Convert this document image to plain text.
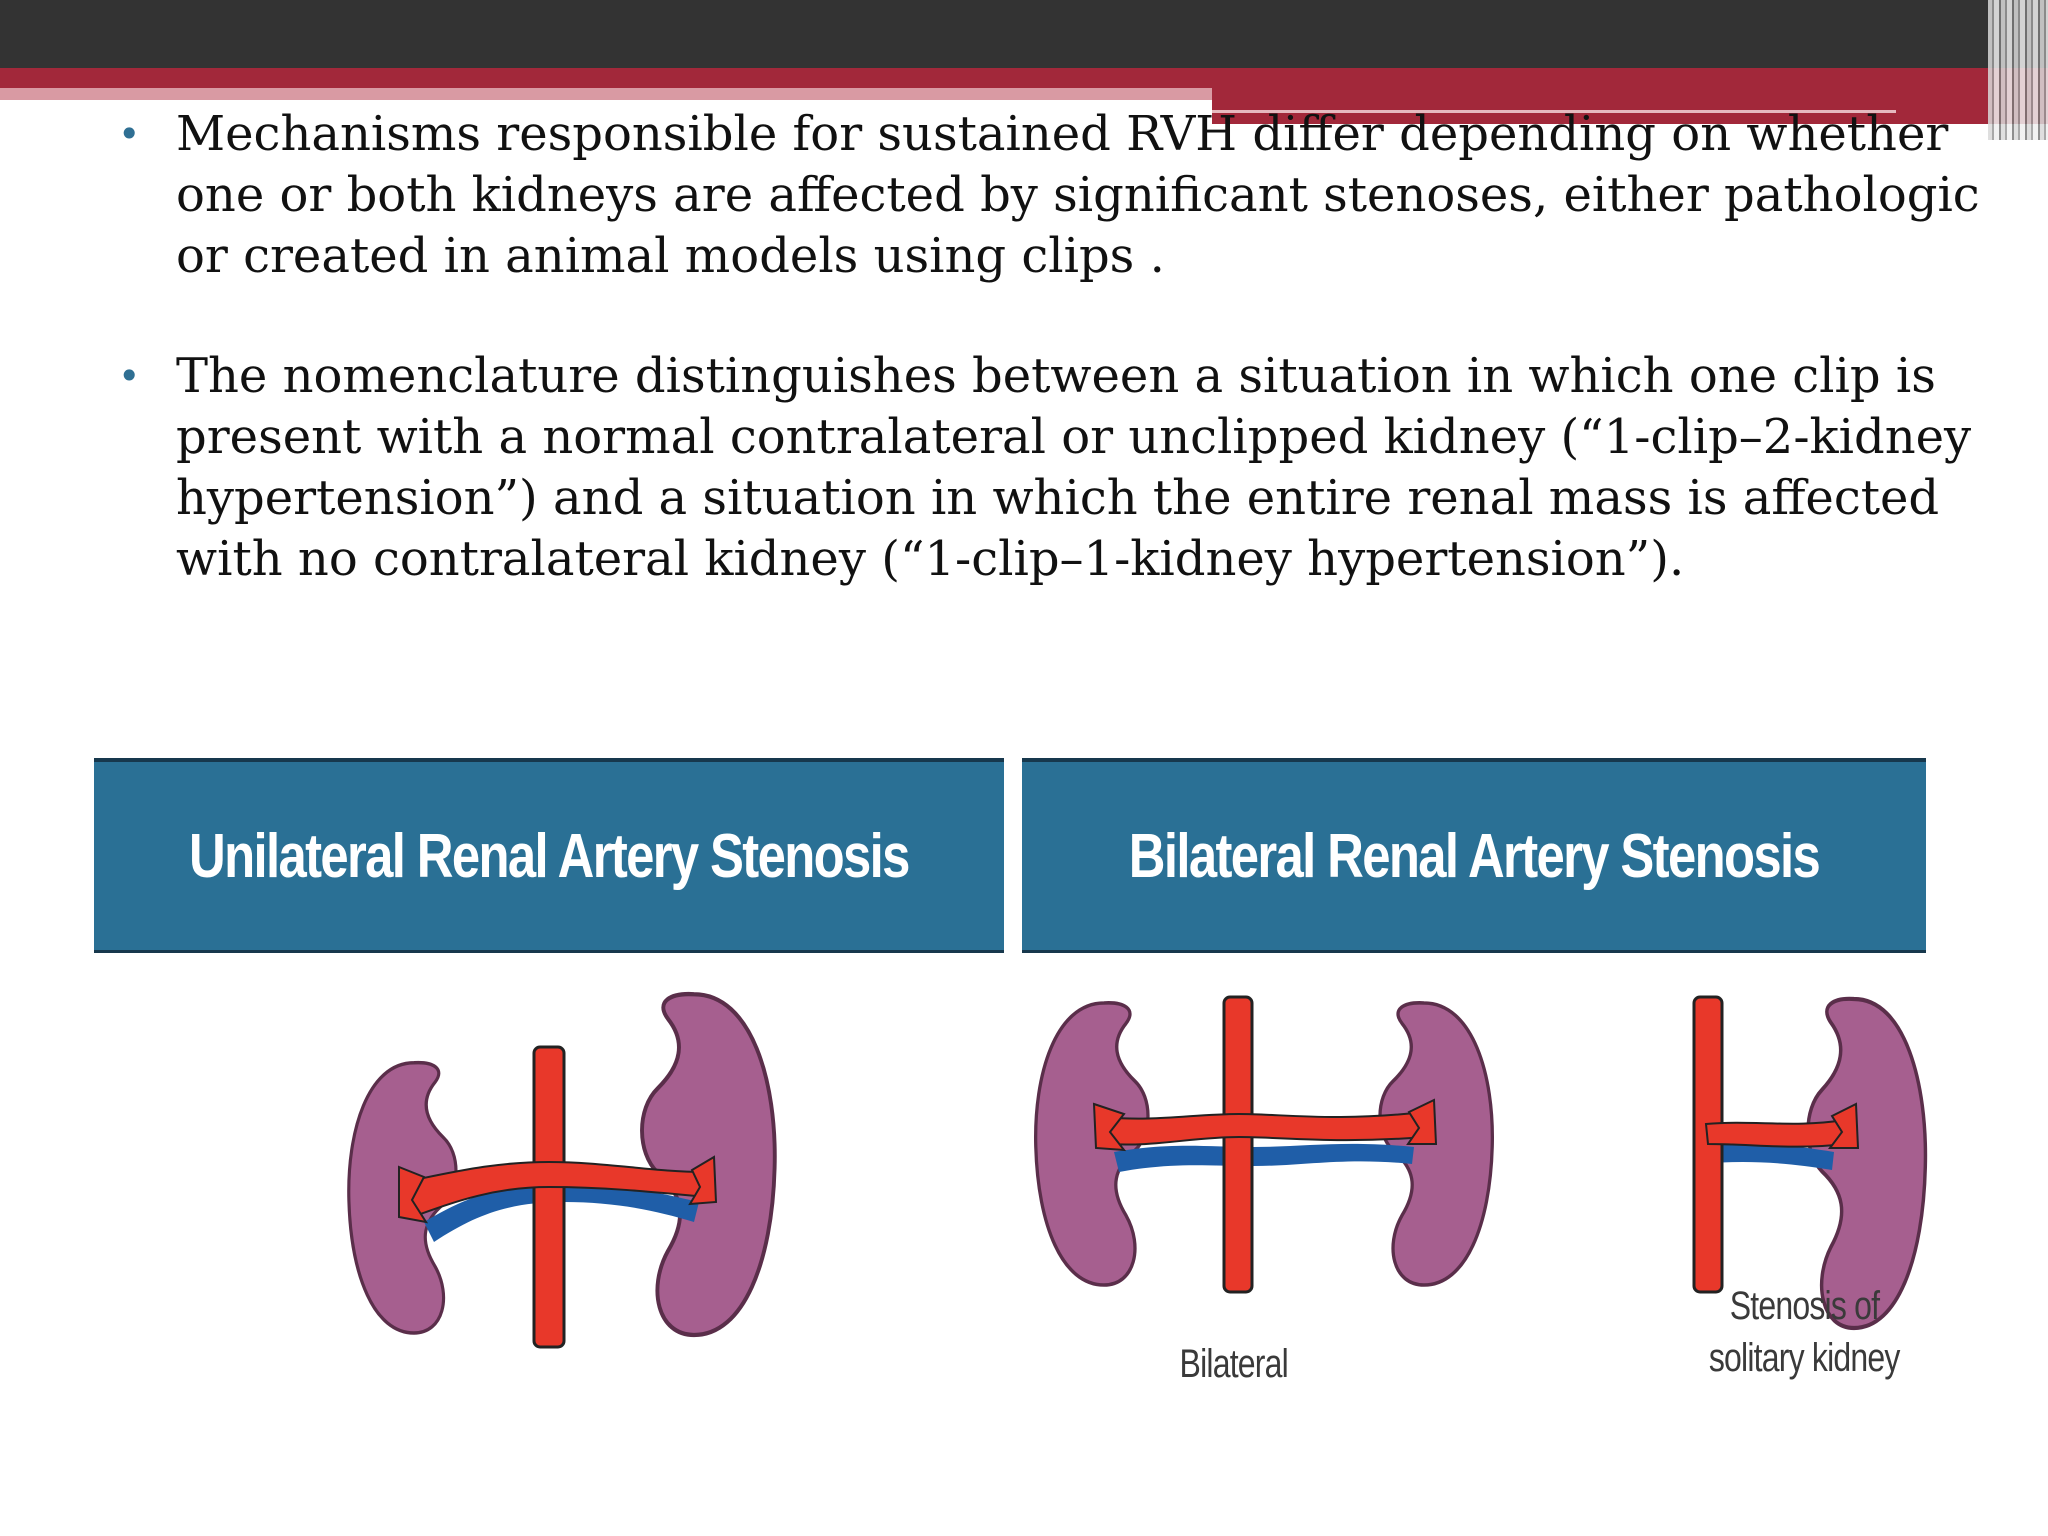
• Mechanisms responsible for sustained RVH differ depending on whether one or both kidneys are affected by significant stenoses, either pathologic or created in animal models using clips .
• The nomenclature distinguishes between a situation in which one clip is present with a normal contralateral or unclipped kidney (“1-clip–2-kidney hypertension”) and a situation in which the entire renal mass is affected with no contralateral kidney (“1-clip–1-kidney hypertension”).
Unilateral Renal Artery Stenosis	Bilateral Renal Artery Stenosis
Bilateral
Stenosis of
solitary kidney
